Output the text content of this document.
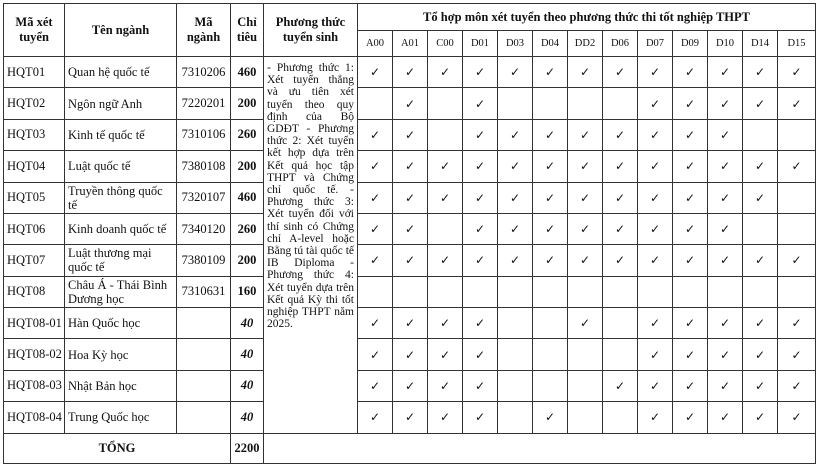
Mã xét tuyển	Tên ngành	Mã ngành	Chỉ tiêu	Phương thức tuyển sinh	Tổ hợp môn xét tuyển theo phương thức thi tốt nghiệp THPT												
					A00	A01	C00	D01	D03	D04	DD2	D06	D07	D09	D10	D14	D15
HQT01	Quan hệ quốc tế	7310206	460	- Phương thức 1: Xét tuyển thẳng và ưu tiên xét tuyển theo quy định của Bộ GDĐT - Phương thức 2: Xét tuyển kết hợp dựa trên Kết quả học tập THPT và Chứng chỉ quốc tế. - Phương thức 3: Xét tuyển đối với thí sinh có Chứng chỉ A-level hoặc Bằng tú tài quốc tế IB Diploma - Phương thức 4: Xét tuyển dựa trên Kết quả Kỳ thi tốt nghiệp THPT năm 2025.	✓	✓	✓	✓	✓	✓	✓	✓	✓	✓	✓	✓	✓
HQT02	Ngôn ngữ Anh	7220201	200			✓		✓					✓	✓	✓	✓	✓
HQT03	Kinh tế quốc tế	7310106	260		✓	✓		✓	✓	✓	✓	✓	✓	✓	✓		
HQT04	Luật quốc tế	7380108	200		✓	✓	✓	✓	✓	✓	✓	✓	✓	✓	✓	✓	✓
HQT05	Truyền thông quốc tế	7320107	460		✓	✓	✓	✓	✓	✓	✓	✓	✓	✓	✓	✓	
HQT06	Kinh doanh quốc tế	7340120	260		✓	✓		✓	✓	✓	✓	✓	✓	✓	✓		
HQT07	Luật thương mại quốc tế	7380109	200		✓	✓	✓	✓	✓	✓	✓	✓	✓	✓	✓	✓	✓
HQT08	Châu Á - Thái Bình Dương học	7310631	160														
HQT08-01	Hàn Quốc học		40		✓	✓	✓	✓			✓		✓	✓	✓	✓	✓
HQT08-02	Hoa Kỳ học		40		✓	✓	✓	✓					✓	✓	✓	✓	✓
HQT08-03	Nhật Bản học		40		✓	✓	✓	✓				✓	✓	✓	✓	✓	✓
HQT08-04	Trung Quốc học		40		✓	✓	✓	✓		✓			✓	✓	✓	✓	✓
TỔNG			2200														
